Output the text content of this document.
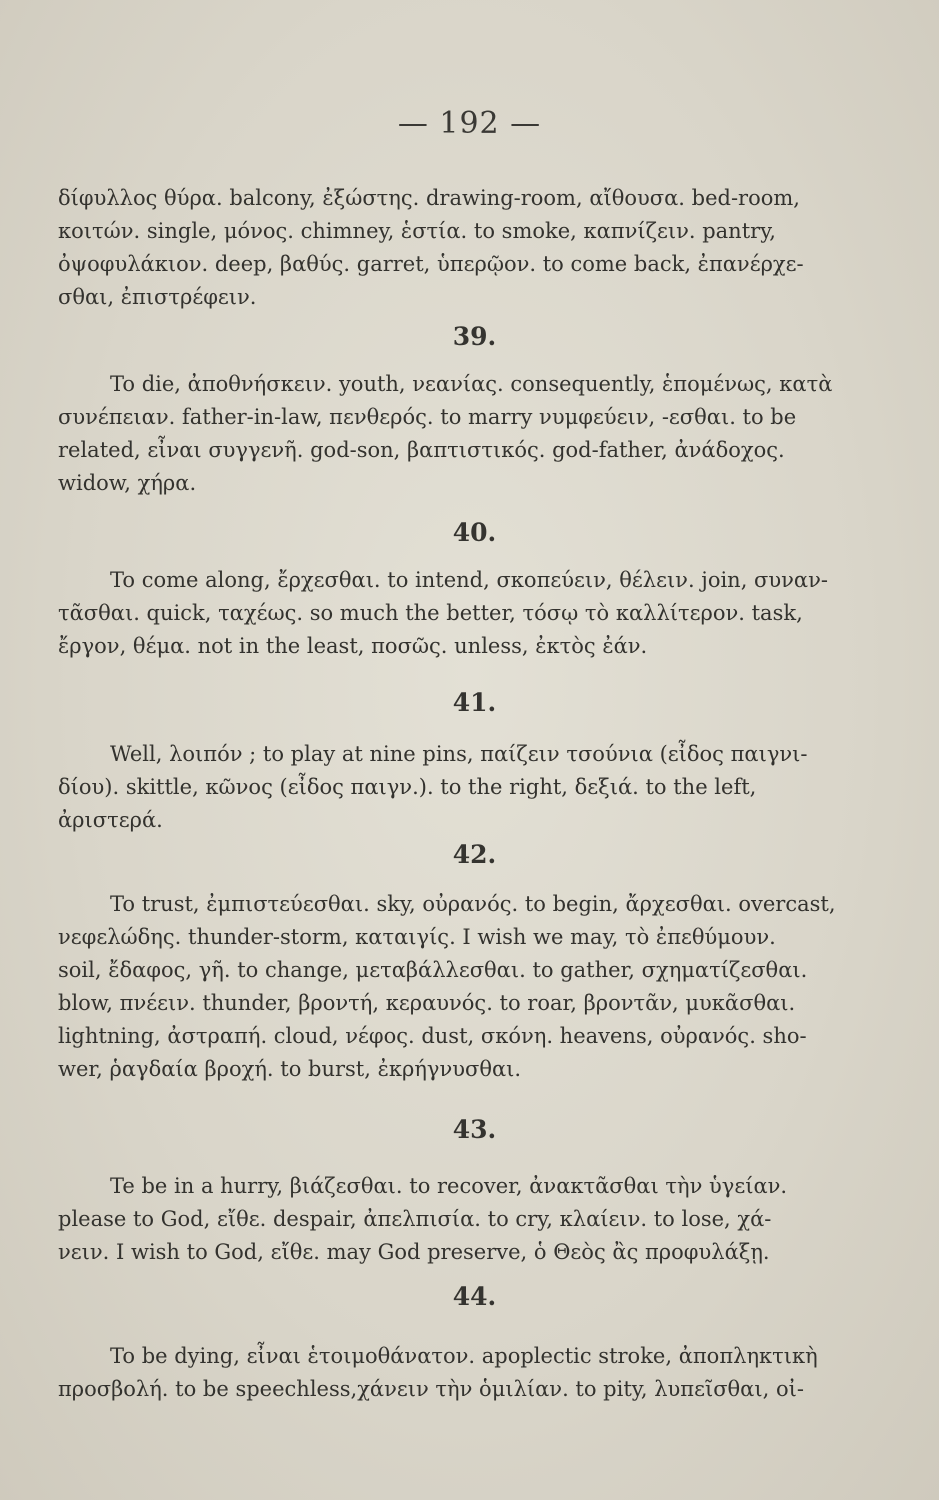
— 192 —
δίφυλλος θύρα. balcony, ἐξώστης. drawing-room, αἴθουσα. bed-room,
κοιτών. single, μόνος. chimney, ἑστία. to smoke, καπνίζειν. pantry,
ὀψοφυλάκιον. deep, βαθύς. garret, ὑπερῷον. to come back, ἐπανέρχε-
σθαι, ἐπιστρέφειν.
39.
To die, ἀποθνήσκειν. youth, νεανίας. consequently, ἑπομένως, κατὰ
συνέπειαν. father-in-law, πενθερός. to marry νυμφεύειν, -εσθαι. to be
related, εἶναι συγγενῆ. god-son, βαπτιστικός. god-father, ἀνάδοχος.
widow, χήρα.
40.
To come along, ἔρχεσθαι. to intend, σκοπεύειν, θέλειν. join, συναν-
τᾶσθαι. quick, ταχέως. so much the better, τόσῳ τὸ καλλίτερον. task,
ἔργον, θέμα. not in the least, ποσῶς. unless, ἐκτὸς ἐάν.
41.
Well, λοιπόν ; to play at nine pins, παίζειν τσούνια (εἶδος παιγνι-
δίου). skittle, κῶνος (εἶδος παιγν.). to the right, δεξιά. to the left,
ἀριστερά.
42.
To trust, ἐμπιστεύεσθαι. sky, οὐρανός. to begin, ἄρχεσθαι. overcast,
νεφελώδης. thunder-storm, καταιγίς. I wish we may, τὸ ἐπεθύμουν.
soil, ἔδαφος, γῆ. to change, μεταβάλλεσθαι. to gather, σχηματίζεσθαι.
blow, πνέειν. thunder, βροντή, κεραυνός. to roar, βροντᾶν, μυκᾶσθαι.
lightning, ἀστραπή. cloud, νέφος. dust, σκόνη. heavens, οὐρανός. sho-
wer, ῥαγδαία βροχή. to burst, ἐκρήγνυσθαι.
43.
Te be in a hurry, βιάζεσθαι. to recover, ἀνακτᾶσθαι τὴν ὑγείαν.
please to God, εἴθε. despair, ἀπελπισία. to cry, κλαίειν. to lose, χά-
νειν. I wish to God, εἴθε. may God preserve, ὁ Θεὸς ἂς προφυλάξῃ.
44.
To be dying, εἶναι ἑτοιμοθάνατον. apoplectic stroke, ἀποπληκτικὴ
προσβολή. to be speechless,χάνειν τὴν ὁμιλίαν. to pity, λυπεῖσθαι, οἰ-
